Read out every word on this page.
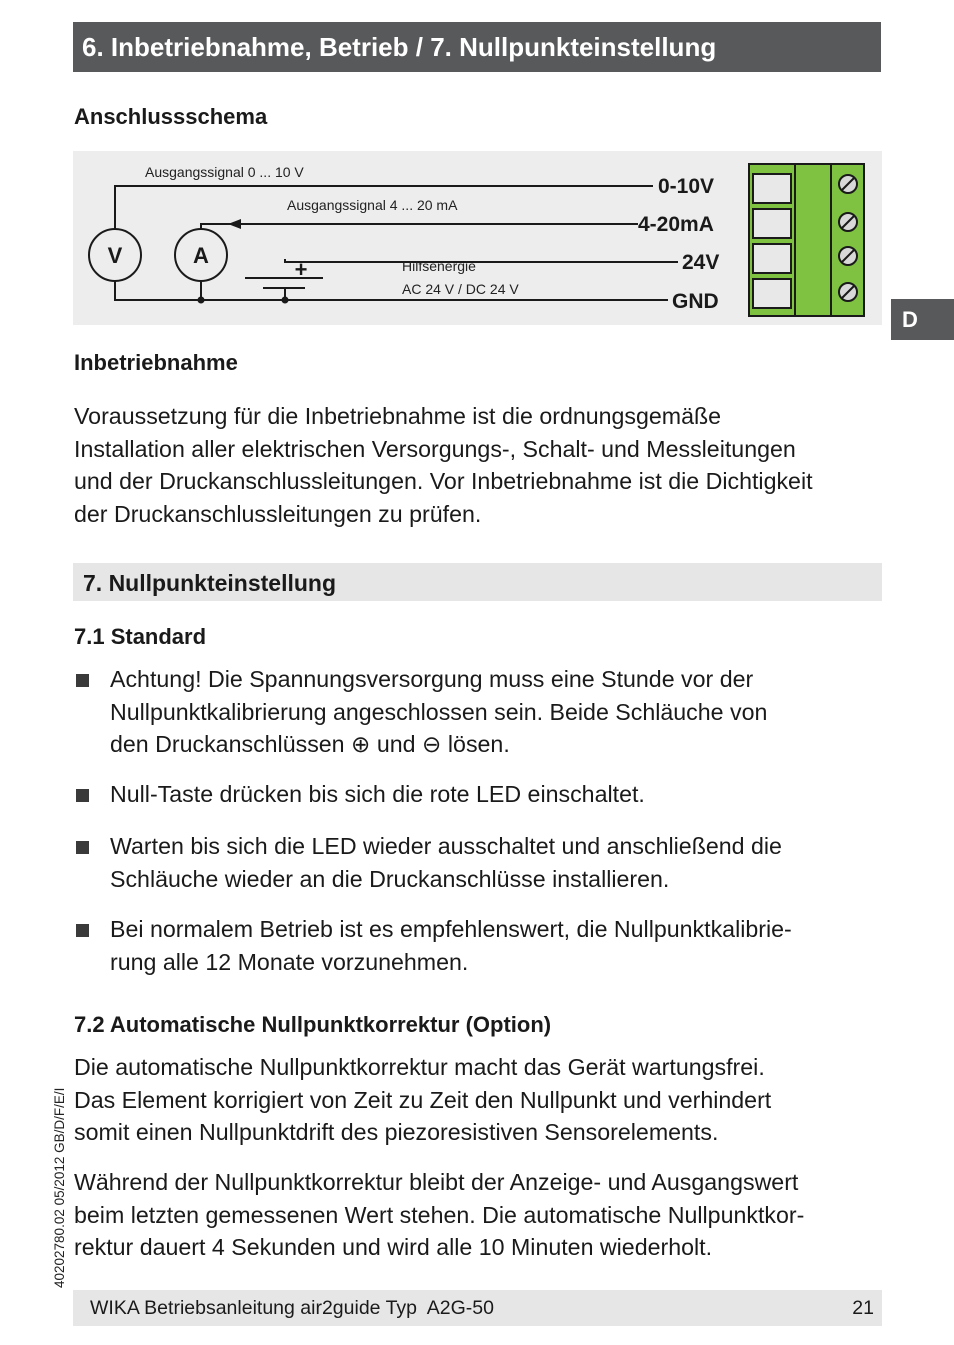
6. Inbetriebnahme, Betrieb / 7. Nullpunkteinstellung
Anschlussschema
V	A
+
Ausgangssignal 0 ... 10 V
Ausgangssignal 4 ... 20 mA
Hilfsenergie
AC 24 V / DC 24 V
0-10V
4-20mA
24V
GND
Inbetriebnahme
Voraussetzung für die Inbetriebnahme ist die ordnungsgemäße
Installation aller elektrischen Versorgungs-, Schalt- und Messleitungen
und der Druckanschlussleitungen. Vor Inbetriebnahme ist die Dichtigkeit
der Druckanschlussleitungen zu prüfen.
7. Nullpunkteinstellung
7.1 Standard
Achtung! Die Spannungsversorgung muss eine Stunde vor der
Nullpunktkalibrierung angeschlossen sein. Beide Schläuche von
den Druckanschlüssen ⊕ und ⊖ lösen.
Null-Taste drücken bis sich die rote LED einschaltet.
Warten bis sich die LED wieder ausschaltet und anschließend die
Schläuche wieder an die Druckanschlüsse installieren.
Bei normalem Betrieb ist es empfehlenswert, die Nullpunktkalibrie-
rung alle 12 Monate vorzunehmen.
7.2 Automatische Nullpunktkorrektur (Option)
Die automatische Nullpunktkorrektur macht das Gerät wartungsfrei.
Das Element korrigiert von Zeit zu Zeit den Nullpunkt und verhindert
somit einen Nullpunktdrift des piezoresistiven Sensorelements.
Während der Nullpunktkorrektur bleibt der Anzeige- und Ausgangswert
beim letzten gemessenen Wert stehen. Die automatische Nullpunktkor-
rektur dauert 4 Sekunden und wird alle 10 Minuten wiederholt.
D
40202780.02 05/2012 GB/D/F/E/I
WIKA Betriebsanleitung air2guide Typ  A2G-50	21
